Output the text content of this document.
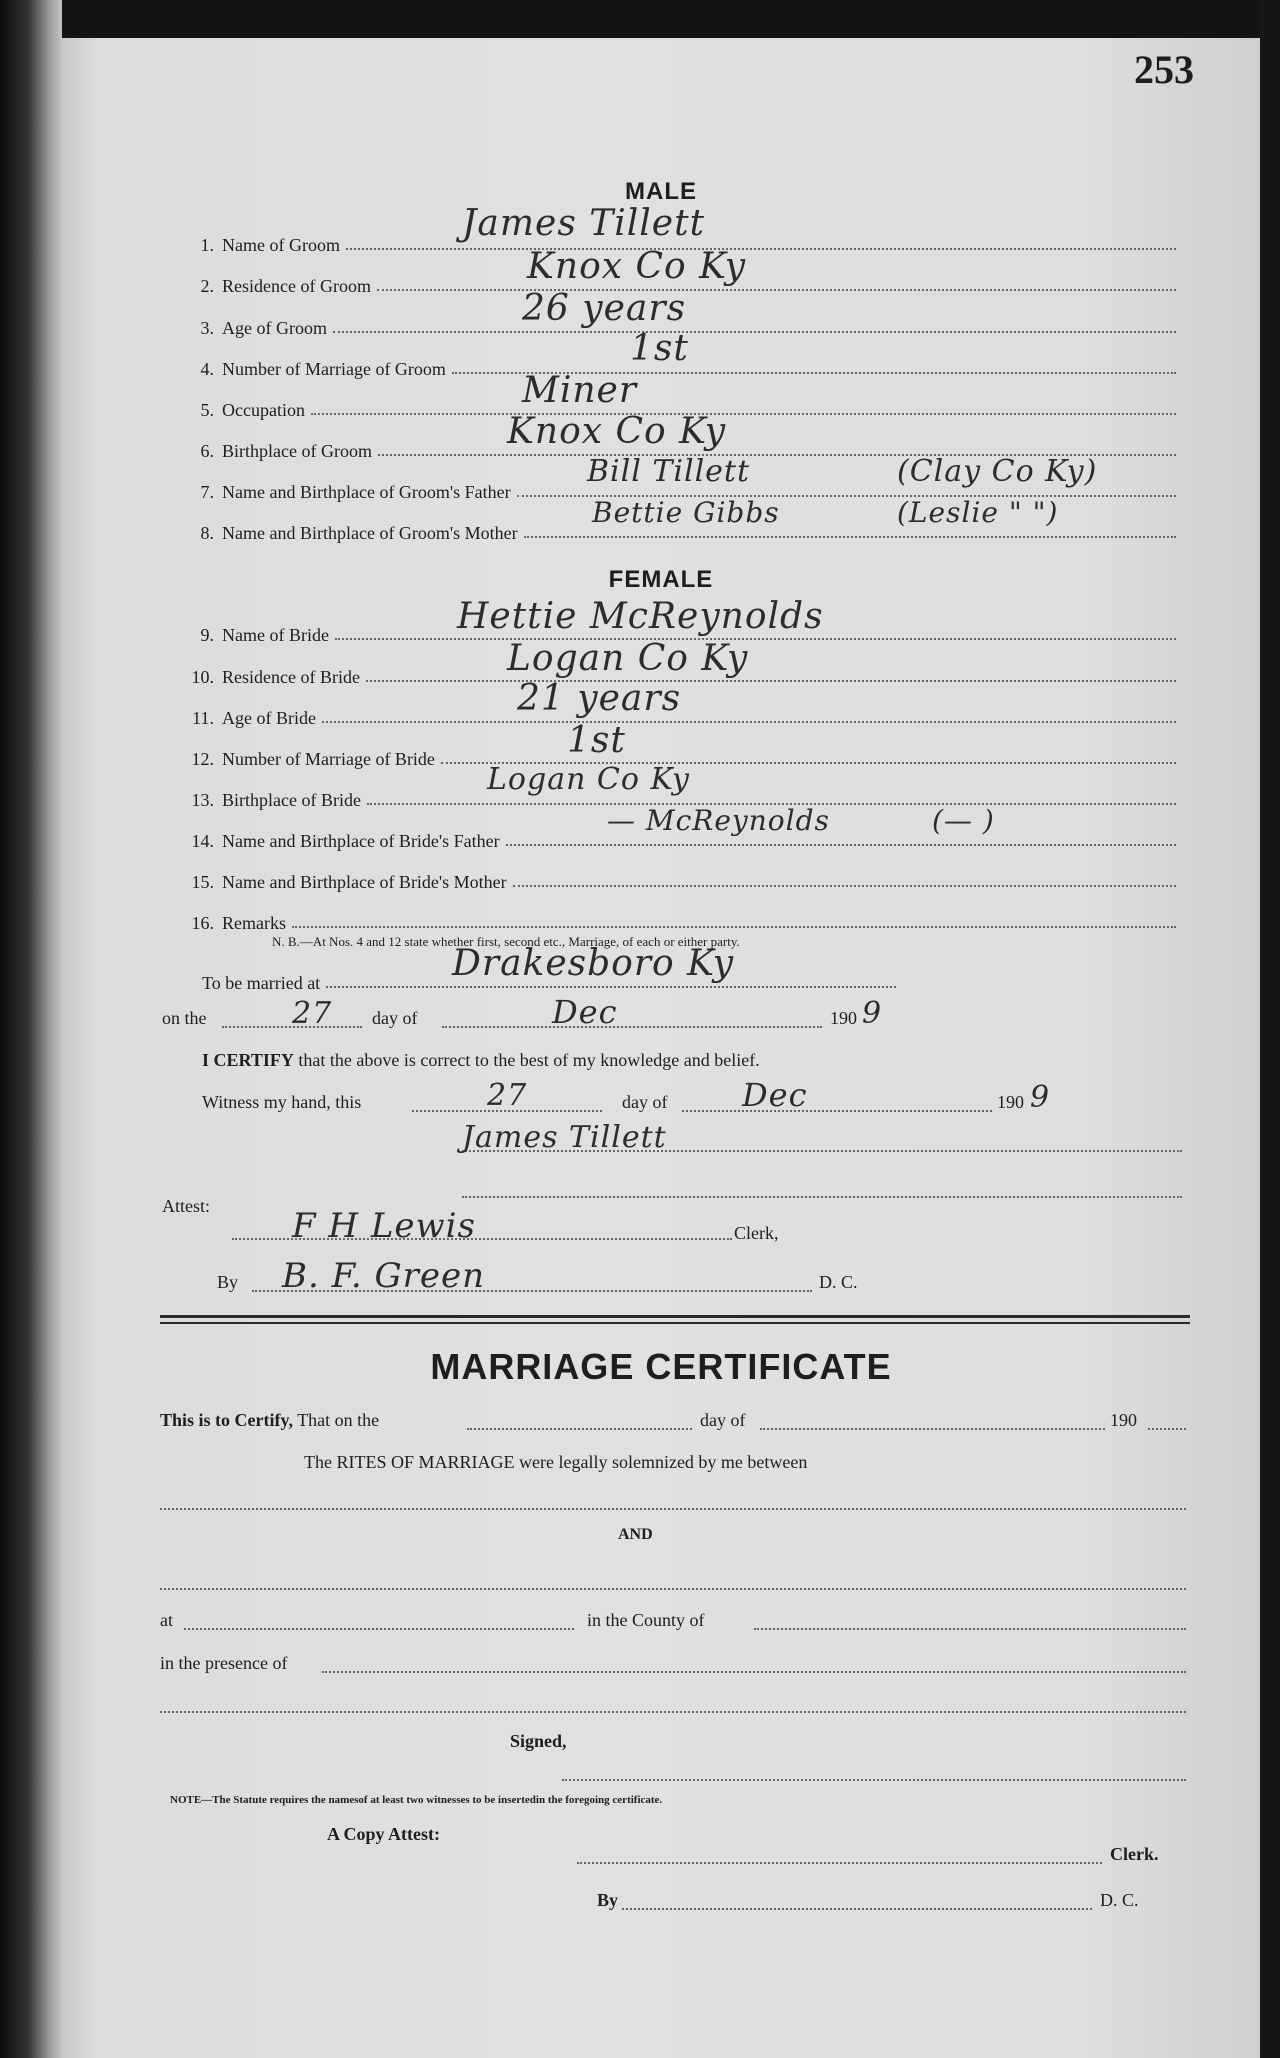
253
MALE
1. Name of Groom
James Tillett
2. Residence of Groom	Knox Co Ky
3. Age of Groom	26 years
4. Number of Marriage of Groom	1st
5. Occupation	Miner
6. Birthplace of Groom	Knox Co Ky
7. Name and Birthplace of Groom's Father
Bill Tillett	(Clay Co Ky)
8. Name and Birthplace of Groom's Mother
Bettie Gibbs	(Leslie " ")
FEMALE
9. Name of Bride	Hettie McReynolds
10. Residence of Bride	Logan Co Ky
11. Age of Bride	21 years
12. Number of Marriage of Bride	1st
13. Birthplace of Bride
Logan Co Ky
14. Name and Birthplace of Bride's Father
— McReynolds	(— )
15. Name and Birthplace of Bride's Mother
16. Remarks
N. B.—At Nos. 4 and 12 state whether first, second etc., Marriage, of each or either party.
To be married at	Drakesboro Ky
on the	27 day of	Dec	190 9
I CERTIFY that the above is correct to the best of my knowledge and belief.
Witness my hand, this	27	day of Dec	190 9
James Tillett
Attest: F H Lewis	Clerk,
By B. F. Green	D. C.
MARRIAGE CERTIFICATE
This is to Certify, That on the	day of	190
The RITES OF MARRIAGE were legally solemnized by me between
AND
at	in the County of
in the presence of
Signed,
NOTE—The Statute requires the namesof at least two witnesses to be insertedin the foregoing certificate.
A Copy Attest:
Clerk.
By	D. C.
